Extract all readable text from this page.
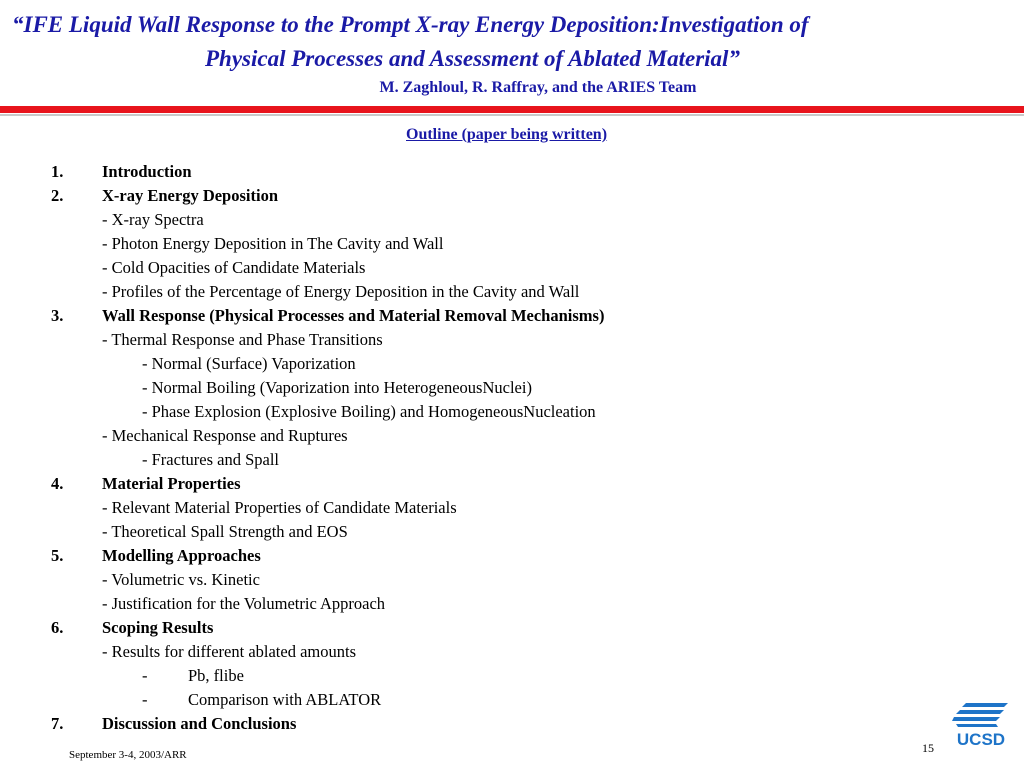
“IFE Liquid Wall Response to the Prompt X-ray Energy Deposition:Investigation of
Physical Processes and Assessment of Ablated Material”
M. Zaghloul, R. Raffray, and the ARIES Team
Outline (paper being written)
1. Introduction
2. X-ray Energy Deposition
- X-ray Spectra
- Photon Energy Deposition in The Cavity and Wall
- Cold Opacities of Candidate Materials
- Profiles of the Percentage of Energy Deposition in the Cavity and Wall
3. Wall Response (Physical Processes and Material Removal Mechanisms)
- Thermal Response and Phase Transitions
- Normal (Surface) Vaporization
- Normal Boiling (Vaporization into HeterogeneousNuclei)
- Phase Explosion (Explosive Boiling) and HomogeneousNucleation
- Mechanical Response and Ruptures
- Fractures and Spall
4. Material Properties
- Relevant Material Properties of Candidate Materials
- Theoretical Spall Strength and EOS
5. Modelling Approaches
- Volumetric vs. Kinetic
- Justification for the Volumetric Approach
6. Scoping Results
- Results for different ablated amounts
- Pb, flibe
- Comparison with ABLATOR
7. Discussion and Conclusions
September 3-4, 2003/ARR	15 UCSD
